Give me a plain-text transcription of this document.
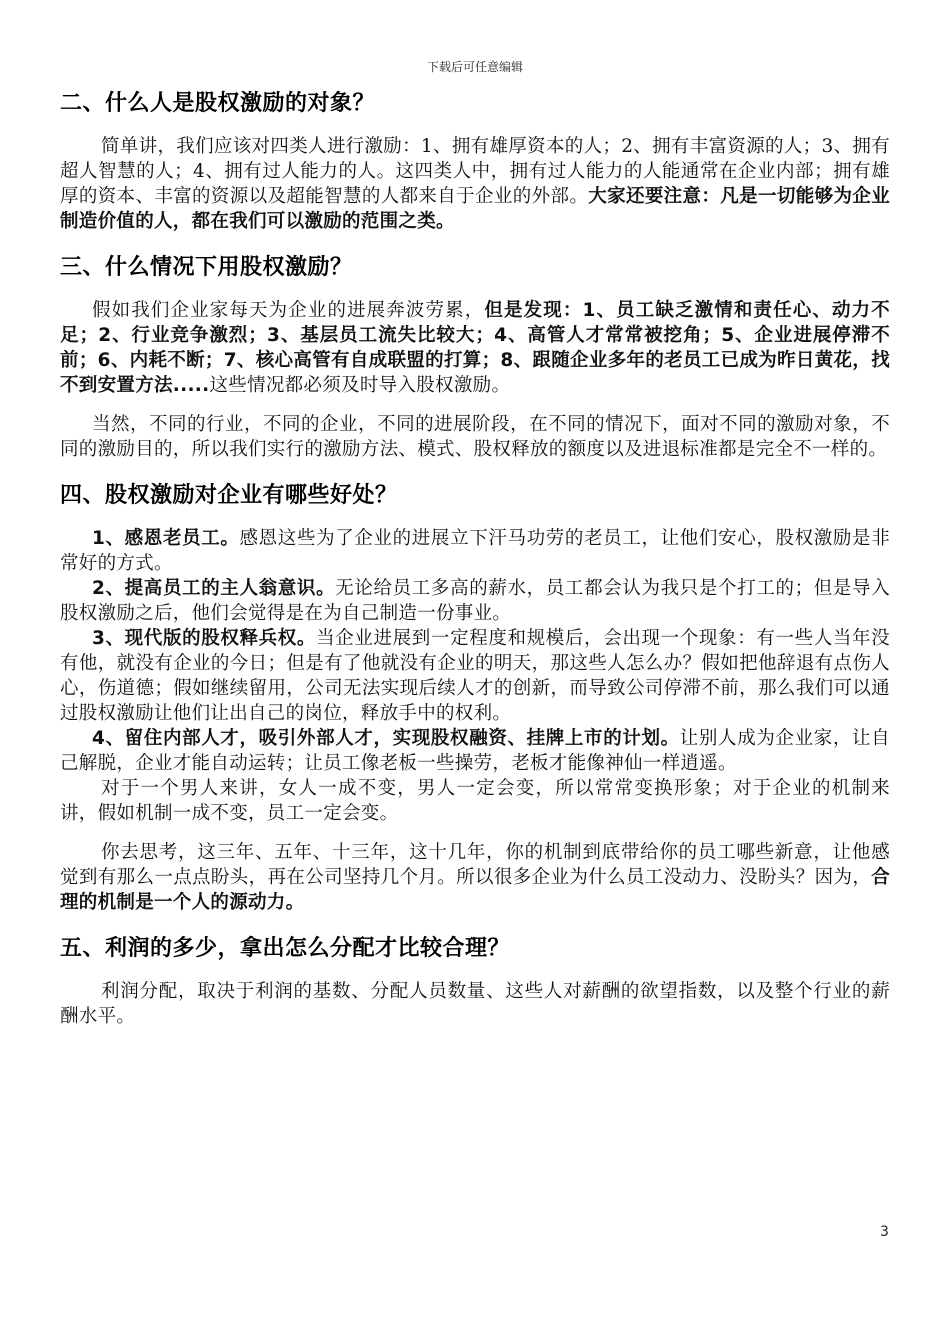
下载后可任意编辑
二、什么人是股权激励的对象？

简单讲，我们应该对四类人进行激励：1、拥有雄厚资本的人；2、拥有丰富资源的人；3、拥有超人智慧的人；4、拥有过人能力的人。这四类人中，拥有过人能力的人能通常在企业内部；拥有雄厚的资本、丰富的资源以及超能智慧的人都来自于企业的外部。大家还要注意：凡是一切能够为企业制造价值的人，都在我们可以激励的范围之类。

三、什么情况下用股权激励？

假如我们企业家每天为企业的进展奔波劳累，但是发现：1、员工缺乏激情和责任心、动力不足；2、行业竞争激烈；3、基层员工流失比较大；4、高管人才常常被挖角；5、企业进展停滞不前；6、内耗不断；7、核心高管有自成联盟的打算；8、跟随企业多年的老员工已成为昨日黄花，找不到安置方法.....这些情况都必须及时导入股权激励。

当然，不同的行业，不同的企业，不同的进展阶段，在不同的情况下，面对不同的激励对象，不同的激励目的，所以我们实行的激励方法、模式、股权释放的额度以及进退标准都是完全不一样的。

四、股权激励对企业有哪些好处？

1、感恩老员工。感恩这些为了企业的进展立下汗马功劳的老员工，让他们安心，股权激励是非常好的方式。

2、提高员工的主人翁意识。无论给员工多高的薪水，员工都会认为我只是个打工的；但是导入股权激励之后，他们会觉得是在为自己制造一份事业。

3、现代版的股权释兵权。当企业进展到一定程度和规模后，会出现一个现象：有一些人当年没有他，就没有企业的今日；但是有了他就没有企业的明天，那这些人怎么办？假如把他辞退有点伤人心，伤道德；假如继续留用，公司无法实现后续人才的创新，而导致公司停滞不前，那么我们可以通过股权激励让他们让出自己的岗位，释放手中的权利。

4、留住内部人才，吸引外部人才，实现股权融资、挂牌上市的计划。让别人成为企业家，让自己解脱，企业才能自动运转；让员工像老板一些操劳，老板才能像神仙一样逍遥。

对于一个男人来讲，女人一成不变，男人一定会变，所以常常变换形象；对于企业的机制来讲，假如机制一成不变，员工一定会变。

你去思考，这三年、五年、十三年，这十几年，你的机制到底带给你的员工哪些新意，让他感觉到有那么一点点盼头，再在公司坚持几个月。所以很多企业为什么员工没动力、没盼头？因为，合理的机制是一个人的源动力。

五、利润的多少，拿出怎么分配才比较合理？

利润分配，取决于利润的基数、分配人员数量、这些人对薪酬的欲望指数，以及整个行业的薪酬水平。

3
